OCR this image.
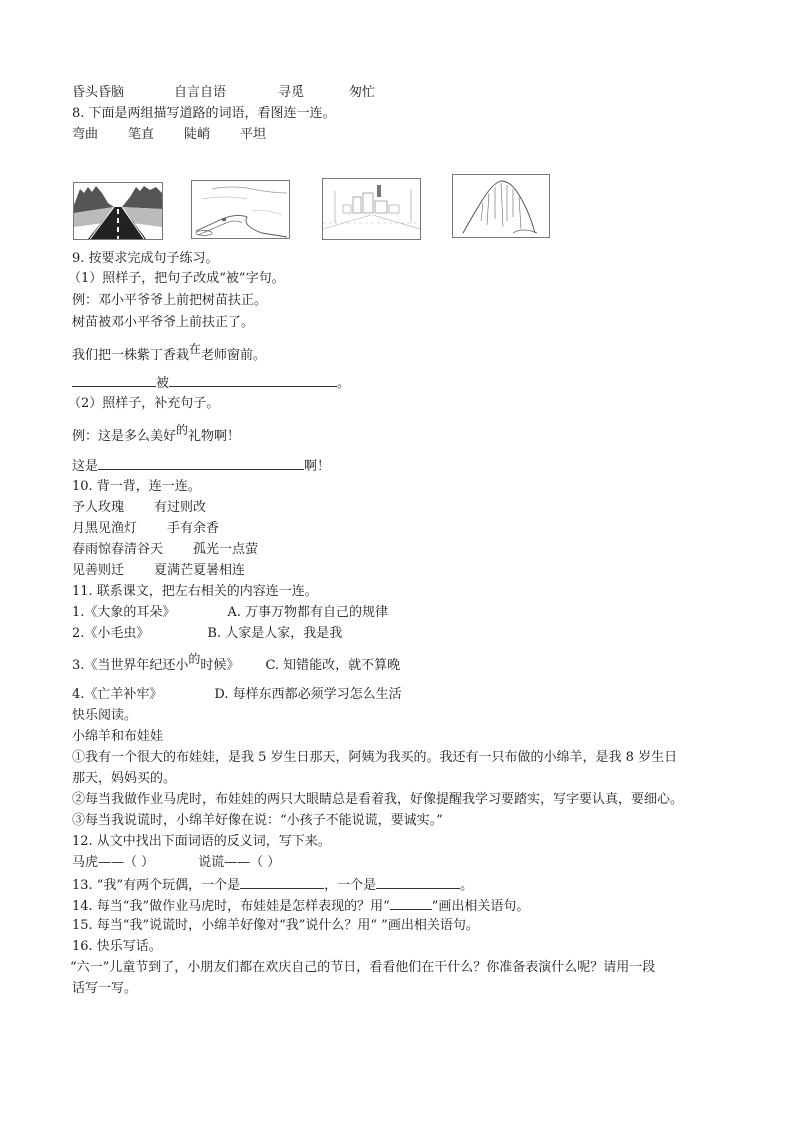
昏头昏脑	自言自语	寻觅	匆忙
8. 下面是两组描写道路的词语，看图连一连。
弯曲 笔直 陡峭 平坦
9. 按要求完成句子练习。
（1）照样子，把句子改成“被”字句。
例：邓小平爷爷上前把树苗扶正。
树苗被邓小平爷爷上前扶正了。
我们把一株紫丁香栽在老师窗前。
被	。
（2）照样子，补充句子。
例：这是多么美好的礼物啊！
这是	啊！
10. 背一背，连一连。
予人玫瑰 有过则改
月黑见渔灯 手有余香
春雨惊春清谷天 孤光一点萤
见善则迁 夏满芒夏暑相连
11. 联系课文，把左右相关的内容连一连。
1.《大象的耳朵》	A. 万事万物都有自己的规律
2.《小毛虫》	B. 人家是人家，我是我
3.《当世界年纪还小的时候》 C. 知错能改，就不算晚
4.《亡羊补牢》	D. 每样东西都必须学习怎么生活
快乐阅读。
小绵羊和布娃娃
①我有一个很大的布娃娃，是我 5 岁生日那天，阿姨为我买的。我还有一只布做的小绵羊，是我 8 岁生日
那天，妈妈买的。
②每当我做作业马虎时，布娃娃的两只大眼睛总是看着我，好像提醒我学习要踏实，写字要认真，要细心。
③每当我说谎时，小绵羊好像在说：“小孩子不能说谎，要诚实。”
12. 从文中找出下面词语的反义词，写下来。
马虎——（ ）	说谎——（ ）
13. “我”有两个玩偶，一个是	，一个是	。
14. 每当“我”做作业马虎时，布娃娃是怎样表现的？用“	”画出相关语句。
15. 每当“我”说谎时，小绵羊好像对“我”说什么？用“ ”画出相关语句。
16. 快乐写话。
“六一”儿童节到了，小朋友们都在欢庆自己的节日，看看他们在干什么？你准备表演什么呢？请用一段
话写一写。
